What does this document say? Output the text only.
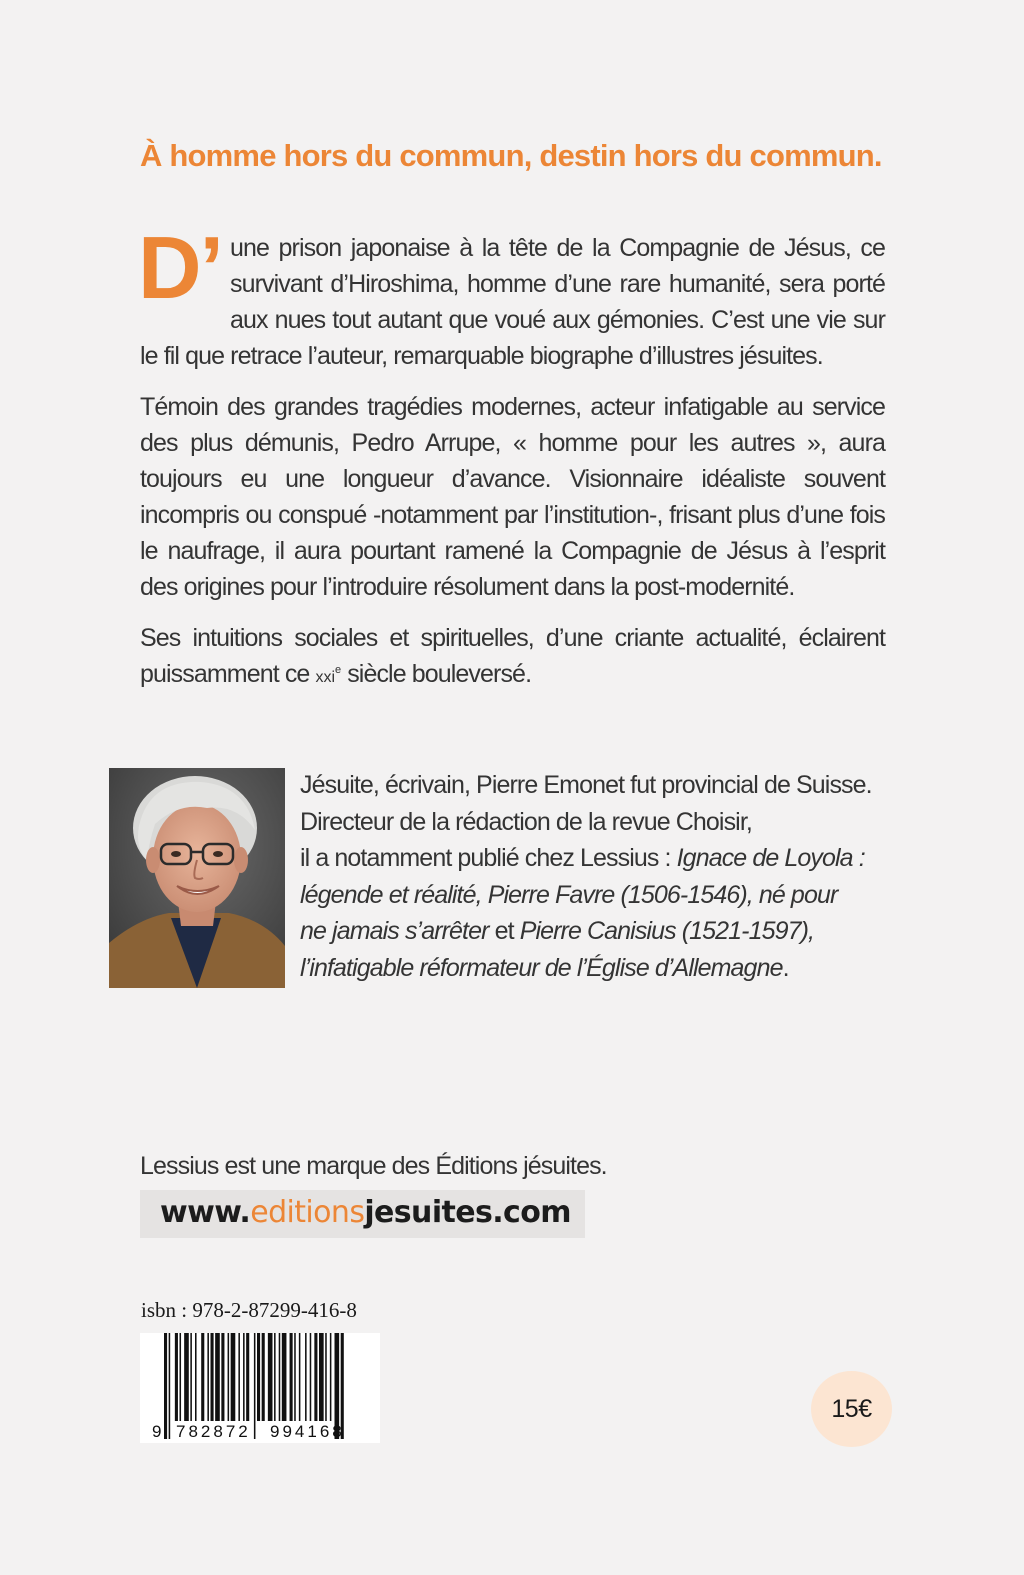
À homme hors du commun, destin hors du commun.

D’ une prison japonaise à la tête de la Compagnie de Jésus, ce survivant d’Hiroshima, homme d’une rare humanité, sera porté aux nues tout autant que voué aux gémonies. C’est une vie sur le fil que retrace l’auteur, remarquable biographe d’illustres jésuites.

Témoin des grandes tragédies modernes, acteur infatigable au service des plus démunis, Pedro Arrupe, « homme pour les autres », aura toujours eu une longueur d’avance. Visionnaire idéaliste souvent incompris ou conspué -notamment par l’institution-, frisant plus d’une fois le naufrage, il aura pourtant ramené la Compagnie de Jésus à l’esprit des origines pour l’introduire résolument dans la post-modernité.

Ses intuitions sociales et spirituelles, d’une criante actualité, éclairent puissamment ce xxi$^e$ siècle bouleversé.

Jésuite, écrivain, Pierre Emonet fut provincial de Suisse.
Directeur de la rédaction de la revue Choisir,
il a notamment publié chez Lessius : Ignace de Loyola :
légende et réalité, Pierre Favre (1506-1546), né pour
ne jamais s’arrêter et Pierre Canisius (1521-1597),
l’infatigable réformateur de l’Église d’Allemagne.
Lessius est une marque des Éditions jésuites.
www.editionsjesuites.com
isbn : 978-2-87299-416-8
9 782872 994168
15€
